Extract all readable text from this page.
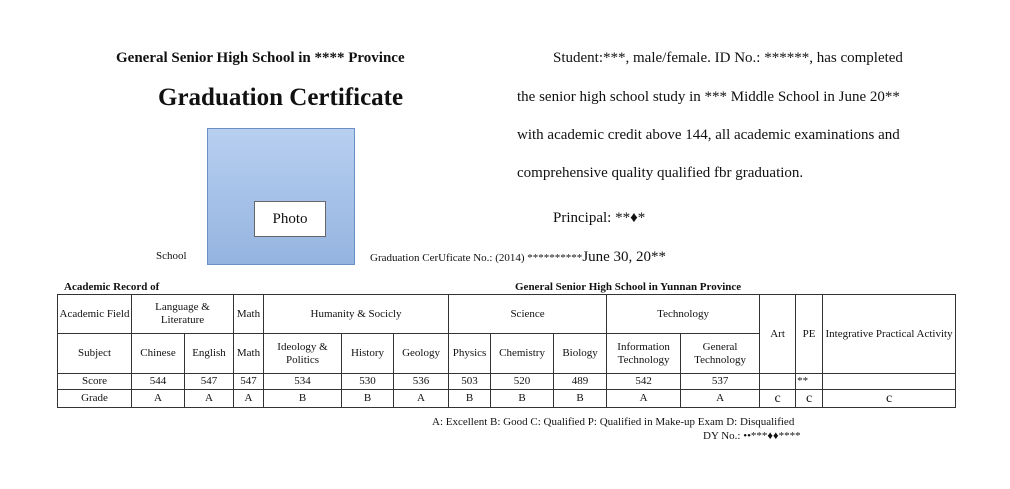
General Senior High School in **** Province
Graduation Certificate
Photo
School
Student:***, male/female. ID No.: ******, has completed
the senior high school study in *** Middle School in June 20**
with academic credit above 144, all academic examinations and
comprehensive quality qualified fbr graduation.
Principal: **♦*
Graduation CerUficate No.: (2014) **********June 30, 20**
Academic Record of	General Senior High School in Yunnan Province
Academic Field	Language & Literature		Math	Humanity & Socicly			Science			Technology		Art	PE	Integrative Practical Activity
Subject	Chinese	English	Math	Ideology & Politics	History	Geology	Physics	Chemistry	Biology	Information Technology	General Technology			
Score	544	547	547	534	530	536	503	520	489	542	537		**	
Grade	A	A	A	B	B	A	B	B	B	A	A	c	c	c
A: Excellent B: Good C: Qualified P: Qualified in Make-up Exam D: Disqualified
DY No.: ••***♦♦****
